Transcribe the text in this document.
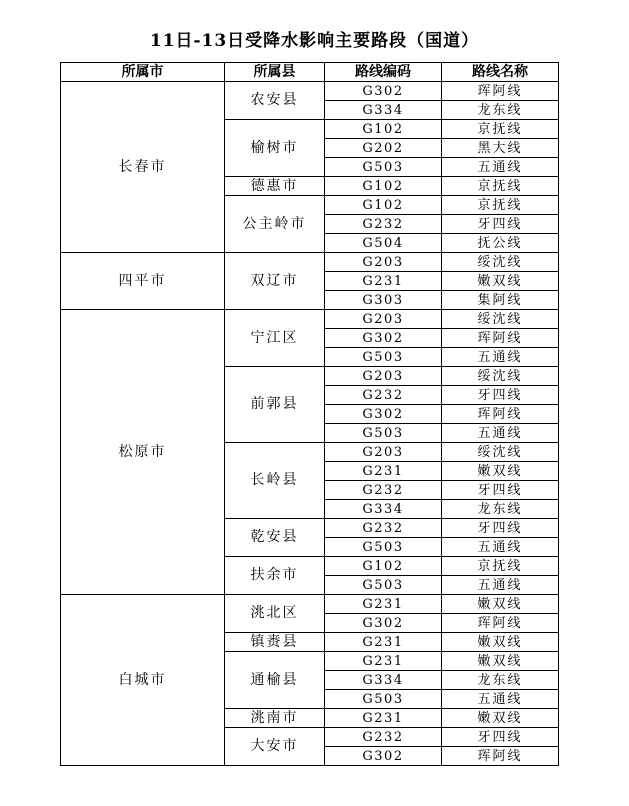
11日-13日受降水影响主要路段（国道）
所属市	所属县	路线编码	路线名称
长春市	农安县	G302	珲阿线
		G334	龙东线
	榆树市	G102	京抚线
		G202	黑大线
		G503	五通线
	德惠市	G102	京抚线
	公主岭市	G102	京抚线
		G232	牙四线
		G504	抚公线
四平市	双辽市	G203	绥沈线
		G231	嫩双线
		G303	集阿线
松原市	宁江区	G203	绥沈线
		G302	珲阿线
		G503	五通线
	前郭县	G203	绥沈线
		G232	牙四线
		G302	珲阿线
		G503	五通线
	长岭县	G203	绥沈线
		G231	嫩双线
		G232	牙四线
		G334	龙东线
	乾安县	G232	牙四线
		G503	五通线
	扶余市	G102	京抚线
		G503	五通线
白城市	洮北区	G231	嫩双线
		G302	珲阿线
	镇赉县	G231	嫩双线
	通榆县	G231	嫩双线
		G334	龙东线
		G503	五通线
	洮南市	G231	嫩双线
	大安市	G232	牙四线
		G302	珲阿线
